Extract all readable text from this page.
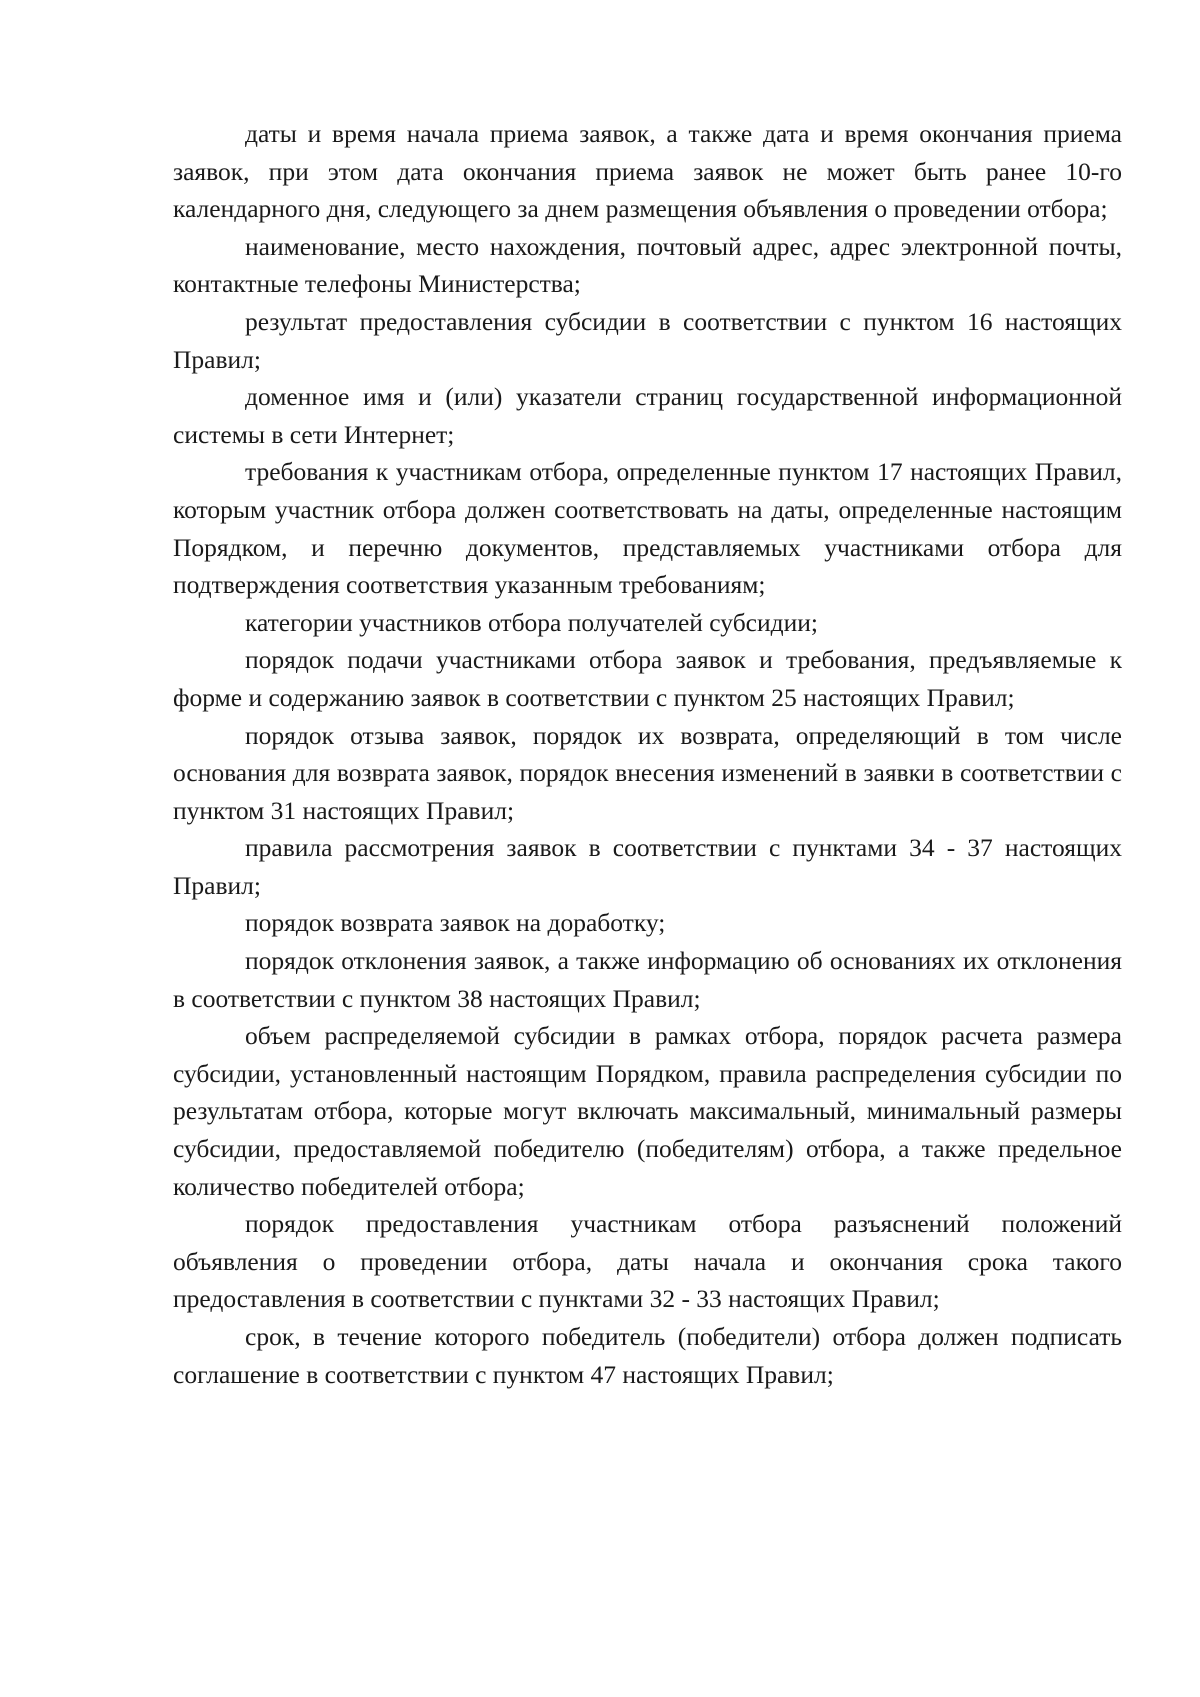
даты и время начала приема заявок, а также дата и время окончания приема заявок, при этом дата окончания приема заявок не может быть ранее 10-го календарного дня, следующего за днем размещения объявления о проведении отбора;

наименование, место нахождения, почтовый адрес, адрес электронной почты, контактные телефоны Министерства;

результат предоставления субсидии в соответствии с пунктом 16 настоящих Правил;

доменное имя и (или) указатели страниц государственной информационной системы в сети Интернет;

требования к участникам отбора, определенные пунктом 17 настоящих Правил, которым участник отбора должен соответствовать на даты, определенные настоящим Порядком, и перечню документов, представляемых участниками отбора для подтверждения соответствия указанным требованиям;

категории участников отбора получателей субсидии;

порядок подачи участниками отбора заявок и требования, предъявляемые к форме и содержанию заявок в соответствии с пунктом 25 настоящих Правил;

порядок отзыва заявок, порядок их возврата, определяющий в том числе основания для возврата заявок, порядок внесения изменений в заявки в соответствии с пунктом 31 настоящих Правил;

правила рассмотрения заявок в соответствии с пунктами 34 - 37 настоящих Правил;

порядок возврата заявок на доработку;

порядок отклонения заявок, а также информацию об основаниях их отклонения в соответствии с пунктом 38 настоящих Правил;

объем распределяемой субсидии в рамках отбора, порядок расчета размера субсидии, установленный настоящим Порядком, правила распределения субсидии по результатам отбора, которые могут включать максимальный, минимальный размеры субсидии, предоставляемой победителю (победителям) отбора, а также предельное количество победителей отбора;

порядок предоставления участникам отбора разъяснений положений объявления о проведении отбора, даты начала и окончания срока такого предоставления в соответствии с пунктами 32 - 33 настоящих Правил;

срок, в течение которого победитель (победители) отбора должен подписать соглашение в соответствии с пунктом 47 настоящих Правил;
